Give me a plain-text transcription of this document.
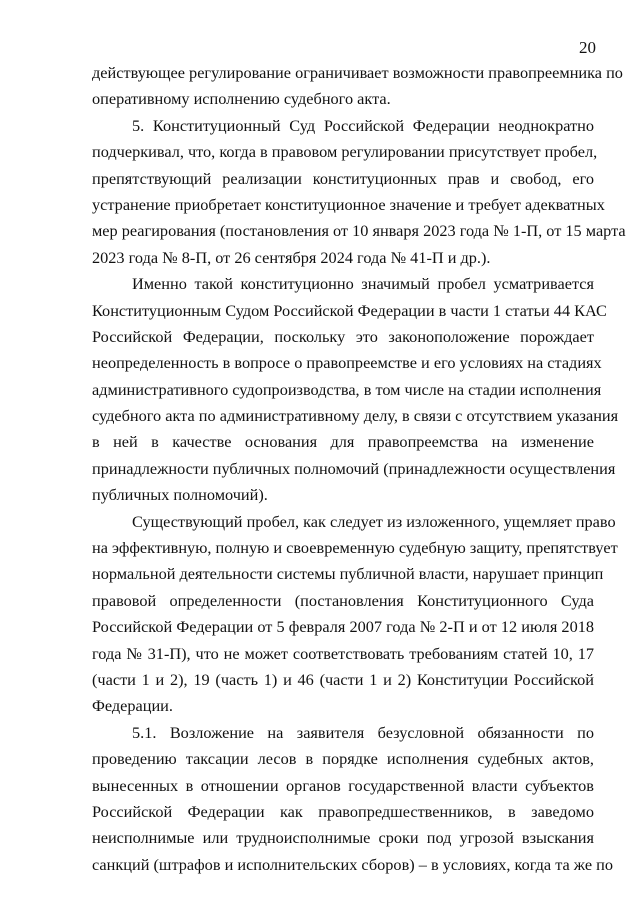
20
действующее регулирование ограничивает возможности правопреемника по
оперативному исполнению судебного акта.
5. Конституционный Суд Российской Федерации неоднократно
подчеркивал, что, когда в правовом регулировании присутствует пробел,
препятствующий реализации конституционных прав и свобод, его
устранение приобретает конституционное значение и требует адекватных
мер реагирования (постановления от 10 января 2023 года № 1-П, от 15 марта
2023 года № 8-П, от 26 сентября 2024 года № 41-П и др.).
Именно такой конституционно значимый пробел усматривается
Конституционным Судом Российской Федерации в части 1 статьи 44 КАС
Российской Федерации, поскольку это законоположение порождает
неопределенность в вопросе о правопреемстве и его условиях на стадиях
административного судопроизводства, в том числе на стадии исполнения
судебного акта по административному делу, в связи с отсутствием указания
в ней в качестве основания для правопреемства на изменение
принадлежности публичных полномочий (принадлежности осуществления
публичных полномочий).
Существующий пробел, как следует из изложенного, ущемляет право
на эффективную, полную и своевременную судебную защиту, препятствует
нормальной деятельности системы публичной власти, нарушает принцип
правовой определенности (постановления Конституционного Суда
Российской Федерации от 5 февраля 2007 года № 2-П и от 12 июля 2018
года № 31-П), что не может соответствовать требованиям статей 10, 17
(части 1 и 2), 19 (часть 1) и 46 (части 1 и 2) Конституции Российской
Федерации.
5.1. Возложение на заявителя безусловной обязанности по
проведению таксации лесов в порядке исполнения судебных актов,
вынесенных в отношении органов государственной власти субъектов
Российской Федерации как правопредшественников, в заведомо
неисполнимые или трудноисполнимые сроки под угрозой взыскания
санкций (штрафов и исполнительских сборов) – в условиях, когда та же по
